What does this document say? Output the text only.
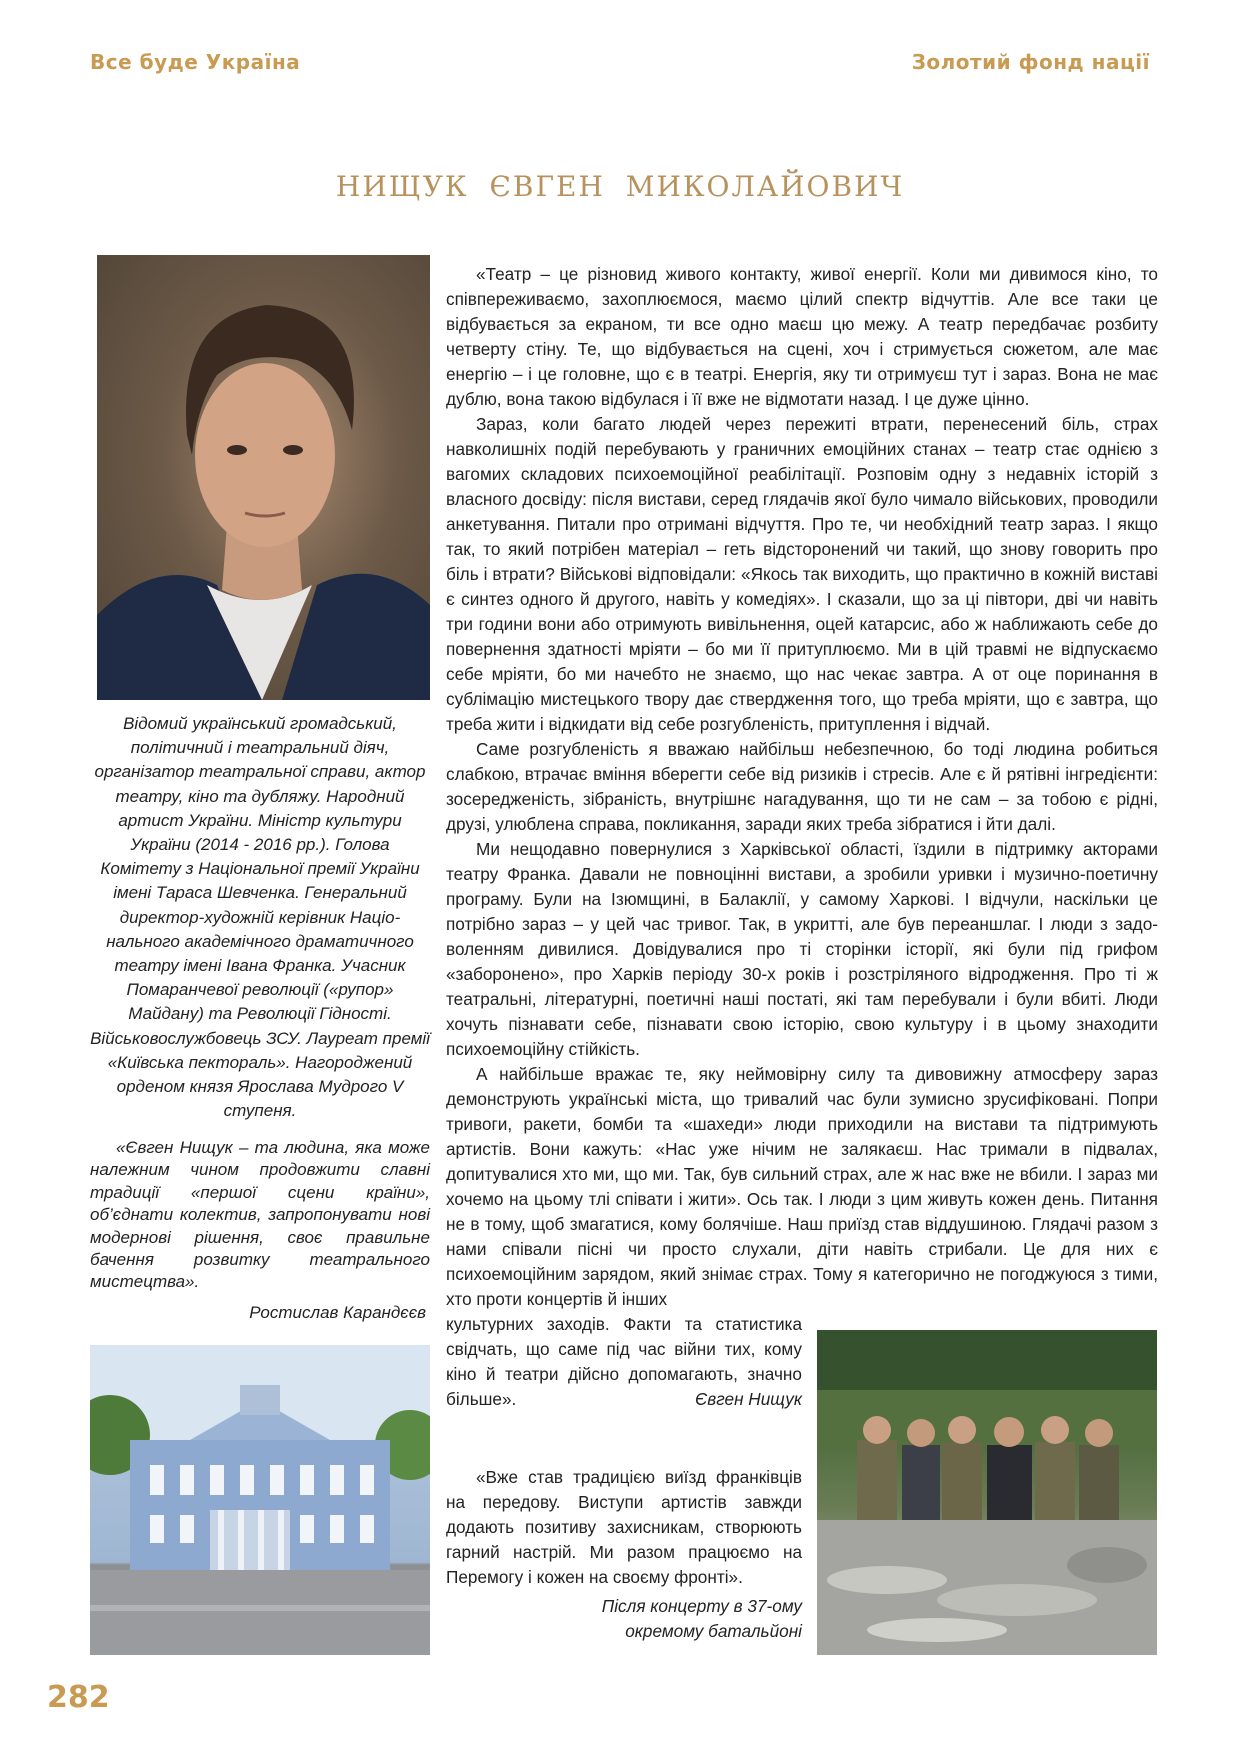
Все буде Україна	Золотий фонд нації
НИЩУК ЄВГЕН МИКОЛАЙОВИЧ
Відомий український громадський, політичний і театральний діяч, організатор театральної справи, актор театру, кіно та дубляжу. Народний артист України. Міністр культури України (2014 - 2016 рр.). Голова Комітету з Національної премії України імені Тараса Шевченка. Генеральний директор-художній керівник Національного академічного драматичного театру імені Івана Франка. Учасник Помаранчевої революції («рупор» Майдану) та Революції Гідності. Військовослужбовець ЗСУ. Лауреат премії «Київська пектораль». Нагороджений орденом князя Ярослава Мудрого V ступеня.
«Євген Нищук – та людина, яка може належним чином продовжити славні традиції «першої сцени країни», об’єднати колектив, запропонувати нові модернові рішення, своє правильне бачення розвитку театрального мистецтва».
Ростислав Карандєєв

«Театр – це різновид живого контакту, живої енергії. Коли ми дивимося кіно, то співпереживаємо, захоплюємося, маємо цілий спектр відчуттів. Але все таки це відбувається за екраном, ти все одно маєш цю межу. А театр передбачає розбиту четверту стіну. Те, що відбувається на сцені, хоч і стримується сюжетом, але має енергію – і це головне, що є в театрі. Енергія, яку ти отримуєш тут і зараз. Вона не має дублю, вона такою відбулася і її вже не відмотати назад. І це дуже цінно.

Зараз, коли багато людей через пережиті втрати, перенесений біль, страх навколишніх подій перебувають у граничних емоційних станах – театр стає однією з вагомих складових психоемоційної реабілітації. Розповім одну з недавніх історій з власного досвіду: після вистави, серед глядачів якої було чимало військових, проводили анкетування. Питали про отримані відчуття. Про те, чи необхідний театр зараз. І якщо так, то який потрібен матеріал – геть відсторонений чи такий, що знову говорить про біль і втрати? Військові відповідали: «Якось так виходить, що практично в кожній виставі є синтез одного й другого, навіть у комедіях». І сказали, що за ці півтори, дві чи навіть три години вони або отримують вивільнення, оцей катарсис, або ж наближають себе до повернення здатності мріяти – бо ми її притуплюємо. Ми в цій травмі не відпускаємо себе мріяти, бо ми начебто не знаємо, що нас чекає завтра. А от оце поринання в сублімацію мистецького твору дає ствердження того, що треба мріяти, що є завтра, що треба жити і відкидати від себе розгубленість, притуплення і відчай.

Саме розгубленість я вважаю найбільш небезпечною, бо тоді людина робиться слабкою, втрачає вміння вберегти себе від ризиків і стресів. Але є й рятівні інгредієнти: зосередженість, зібраність, внутрішнє нагадування, що ти не сам – за тобою є рідні, друзі, улюблена справа, покликання, заради яких треба зібратися і йти далі.

Ми нещодавно повернулися з Харківської області, їздили в підтримку акторами театру Франка. Давали не повноцінні вистави, а зробили уривки і музично-поетичну програму. Були на Ізюмщині, в Балаклії, у самому Харкові. І відчули, наскільки це потрібно зараз – у цей час тривог. Так, в укритті, але був переаншлаг. І люди з задоволенням дивилися. Довідувалися про ті сторінки історії, які були під грифом «заборонено», про Харків періоду 30-х років і розстріляного відродження. Про ті ж театральні, літературні, поетичні наші постаті, які там перебували і були вбиті. Люди хочуть пізнавати себе, пізнавати свою історію, свою культуру і в цьому знаходити психоемоційну стійкість.

А найбільше вражає те, яку неймовірну силу та дивовижну атмосферу зараз демонструють українські міста, що тривалий час були зумисно зрусифіковані. Попри тривоги, ракети, бомби та «шахеди» люди приходили на вистави та підтримують артистів. Вони кажуть: «Нас уже нічим не залякаєш. Нас тримали в підвалах, допитувалися хто ми, що ми. Так, був сильний страх, але ж нас вже не вбили. І зараз ми хочемо на цьому тлі співати і жити». Ось так. І люди з цим живуть кожен день. Питання не в тому, щоб змагатися, кому болячіше. Наш приїзд став віддушиною. Глядачі разом з нами співали пісні чи просто слухали, діти навіть стрибали. Це для них є психоемоційним зарядом, який знімає страх. Тому я категорично не погоджуюся з тими, хто проти концертів й інших

культурних заходів. Факти та статистика свідчать, що саме під час війни тих, кому кіно й театри дійсно допомагають, значно більше».	Євген Нищук
«Вже став традицією виїзд франківців на передову. Виступи артистів завжди додають позитиву захисникам, створюють гарний настрій. Ми разом працюємо на Перемогу і кожен на своєму фронті».
Після концерту в 37-ому
окремому батальйоні
282
